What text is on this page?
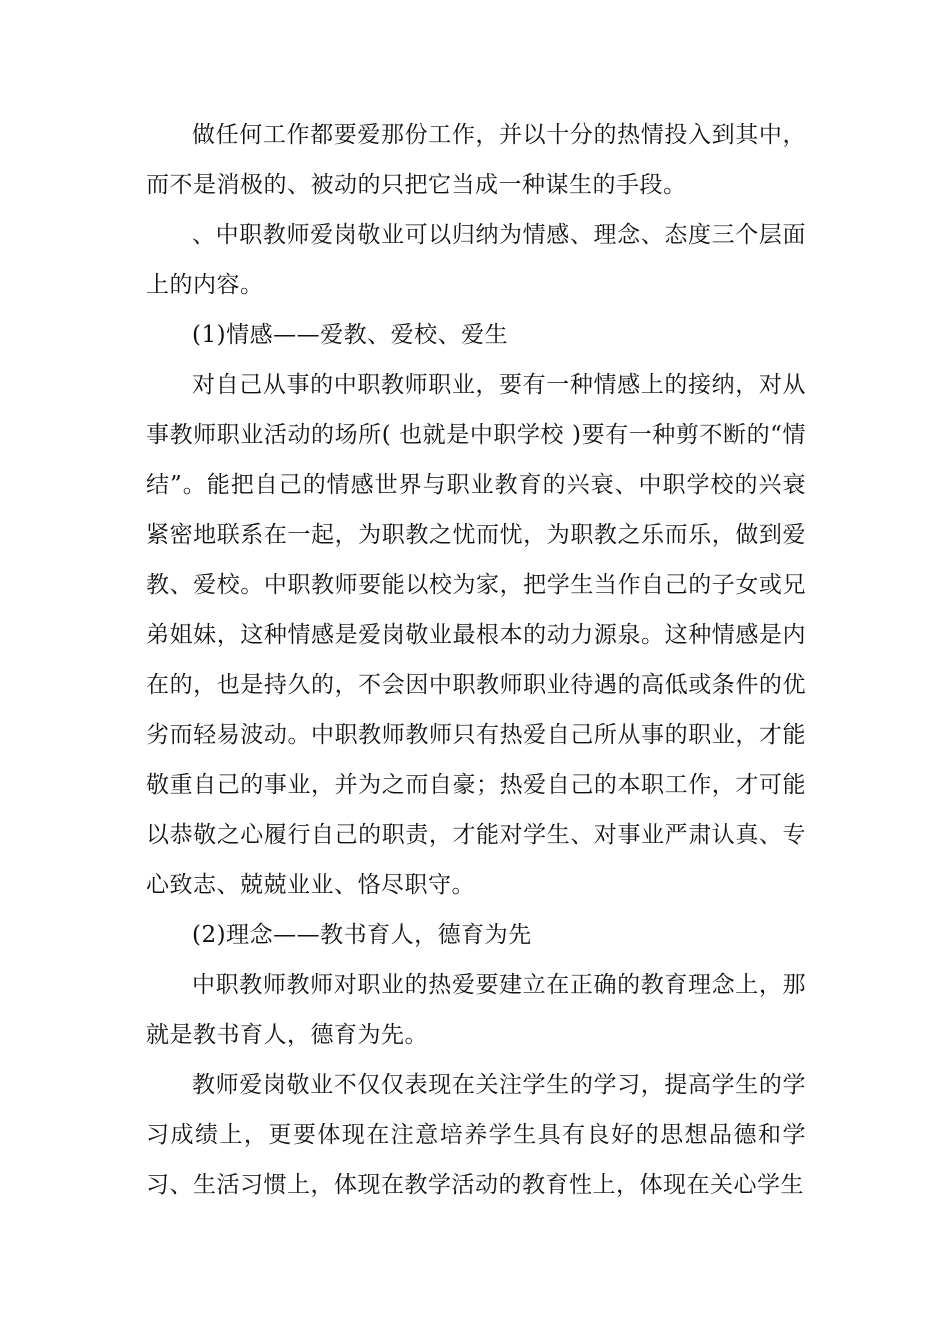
做任何工作都要爱那份工作，并以十分的热情投入到其中，而不是消极的、被动的只把它当成一种谋生的手段。

、中职教师爱岗敬业可以归纳为情感、理念、态度三个层面上的内容。

(1)情感——爱教、爱校、爱生

对自己从事的中职教师职业，要有一种情感上的接纳，对从事教师职业活动的场所( 也就是中职学校 )要有一种剪不断的“情结”。能把自己的情感世界与职业教育的兴衰、中职学校的兴衰紧密地联系在一起，为职教之忧而忧，为职教之乐而乐，做到爱教、爱校。中职教师要能以校为家，把学生当作自己的子女或兄弟姐妹，这种情感是爱岗敬业最根本的动力源泉。这种情感是内在的，也是持久的，不会因中职教师职业待遇的高低或条件的优劣而轻易波动。中职教师教师只有热爱自己所从事的职业，才能敬重自己的事业，并为之而自豪；热爱自己的本职工作，才可能以恭敬之心履行自己的职责，才能对学生、对事业严肃认真、专心致志、兢兢业业、恪尽职守。

(2)理念——教书育人，德育为先

中职教师教师对职业的热爱要建立在正确的教育理念上，那就是教书育人，德育为先。

教师爱岗敬业不仅仅表现在关注学生的学习，提高学生的学习成绩上，更要体现在注意培养学生具有良好的思想品德和学习、生活习惯上，体现在教学活动的教育性上，体现在关心学生
